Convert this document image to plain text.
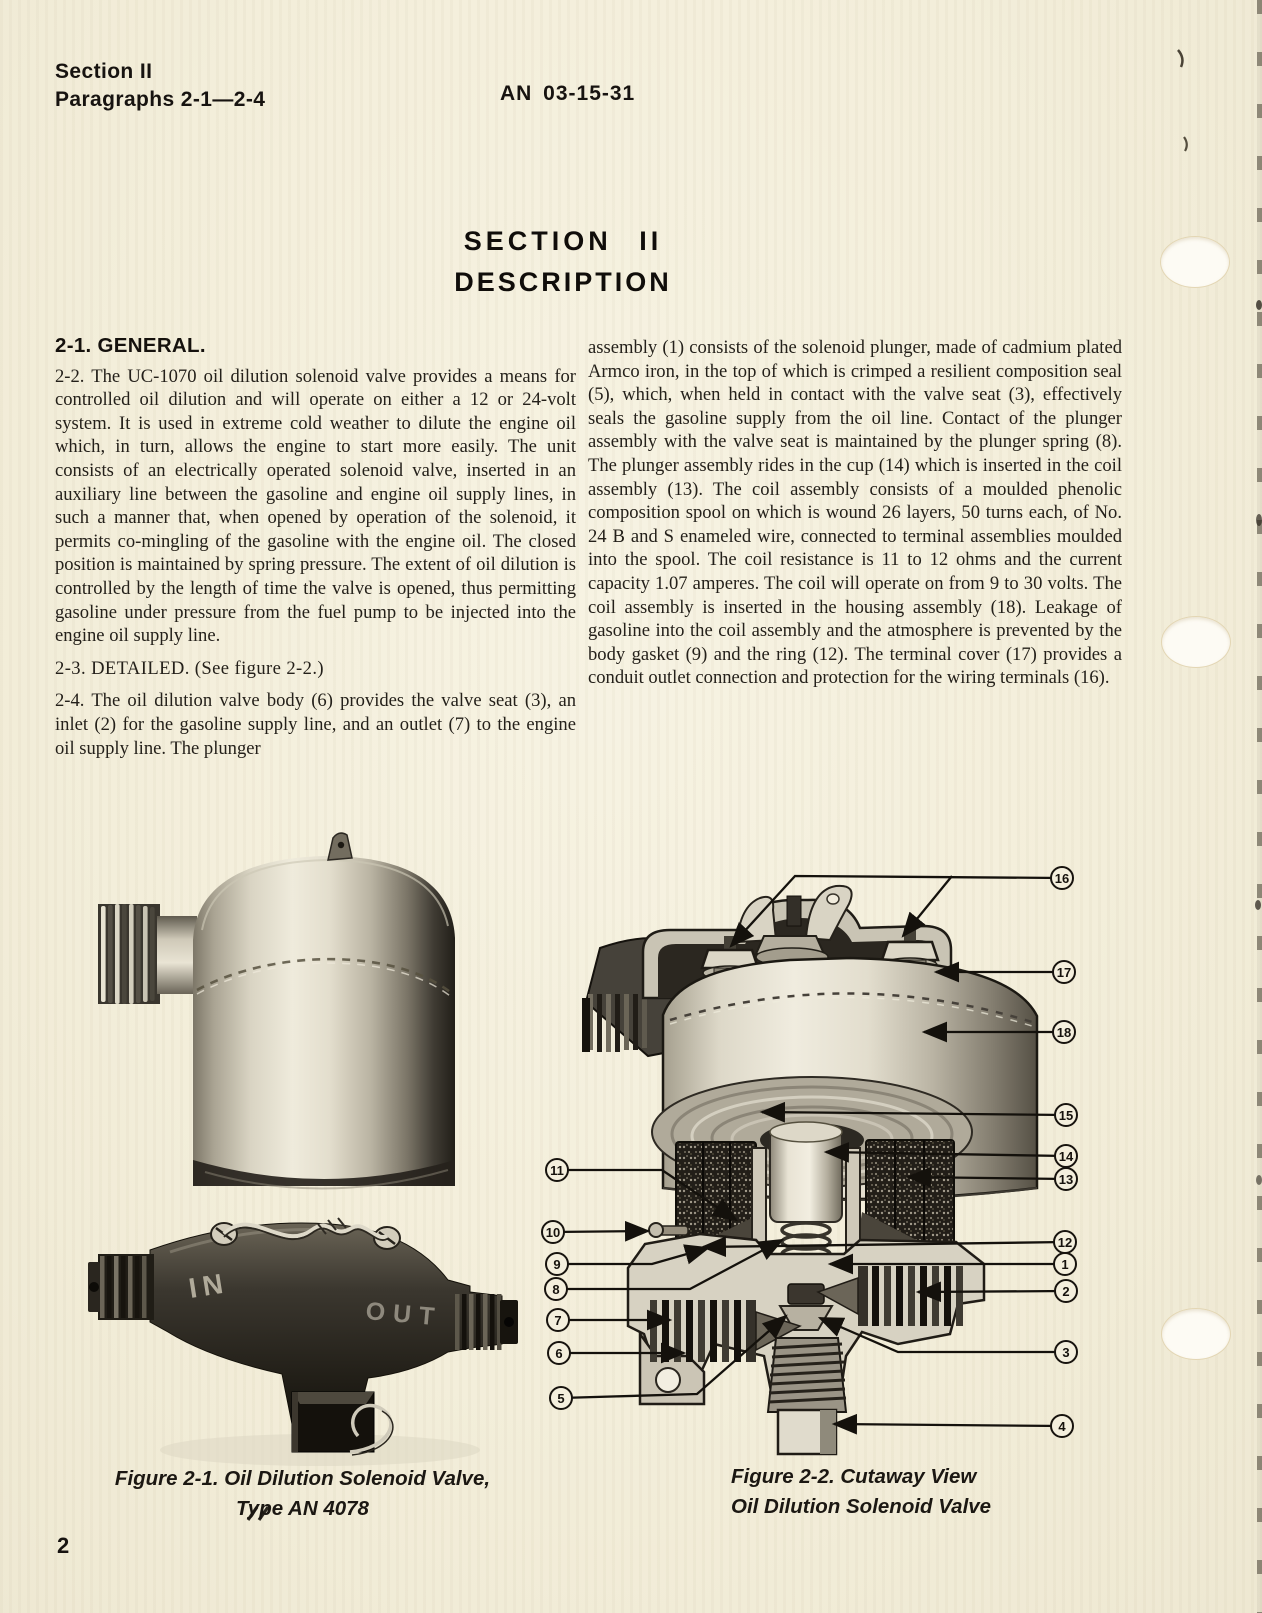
IN
OUT
Section II
Paragraphs 2-1—2-4	AN 03-15-31
SECTION II
DESCRIPTION
2-1. GENERAL.

2-2. The UC-1070 oil dilution solenoid valve provides a means for controlled oil dilution and will operate on either a 12 or 24-volt system. It is used in extreme cold weather to dilute the engine oil which, in turn, allows the engine to start more easily. The unit consists of an electrically operated solenoid valve, inserted in an auxiliary line between the gasoline and engine oil supply lines, in such a manner that, when opened by operation of the solenoid, it permits co-mingling of the gasoline with the engine oil. The closed position is maintained by spring pressure. The extent of oil dilution is controlled by the length of time the valve is opened, thus permitting gasoline under pressure from the fuel pump to be injected into the engine oil supply line.

2-3. DETAILED. (See figure 2-2.)

2-4. The oil dilution valve body (6) provides the valve seat (3), an inlet (2) for the gasoline supply line, and an outlet (7) to the engine oil supply line. The plunger

assembly (1) consists of the solenoid plunger, made of cadmium plated Armco iron, in the top of which is crimped a resilient composition seal (5), which, when held in contact with the valve seat (3), effectively seals the gasoline supply from the oil line. Contact of the plunger assembly with the valve seat is maintained by the plunger spring (8). The plunger assembly rides in the cup (14) which is inserted in the coil assembly (13). The coil assembly consists of a moulded phenolic composition spool on which is wound 26 layers, 50 turns each, of No. 24 B and S enameled wire, connected to terminal assemblies moulded into the spool. The coil resistance is 11 to 12 ohms and the current capacity 1.07 amperes. The coil will operate on from 9 to 30 volts. The coil assembly is inserted in the housing assembly (18). Leakage of gasoline into the coil assembly and the atmosphere is prevented by the body gasket (9) and the ring (12). The terminal cover (17) provides a conduit outlet connection and protection for the wiring terminals (16).

16
17
18
15
14
13
12
1
2
3
4
11
10
9
8
7
6
5
Figure 2-1. Oil Dilution Solenoid Valve,
Type AN 4078
Figure 2-2. Cutaway View
Oil Dilution Solenoid Valve
2
